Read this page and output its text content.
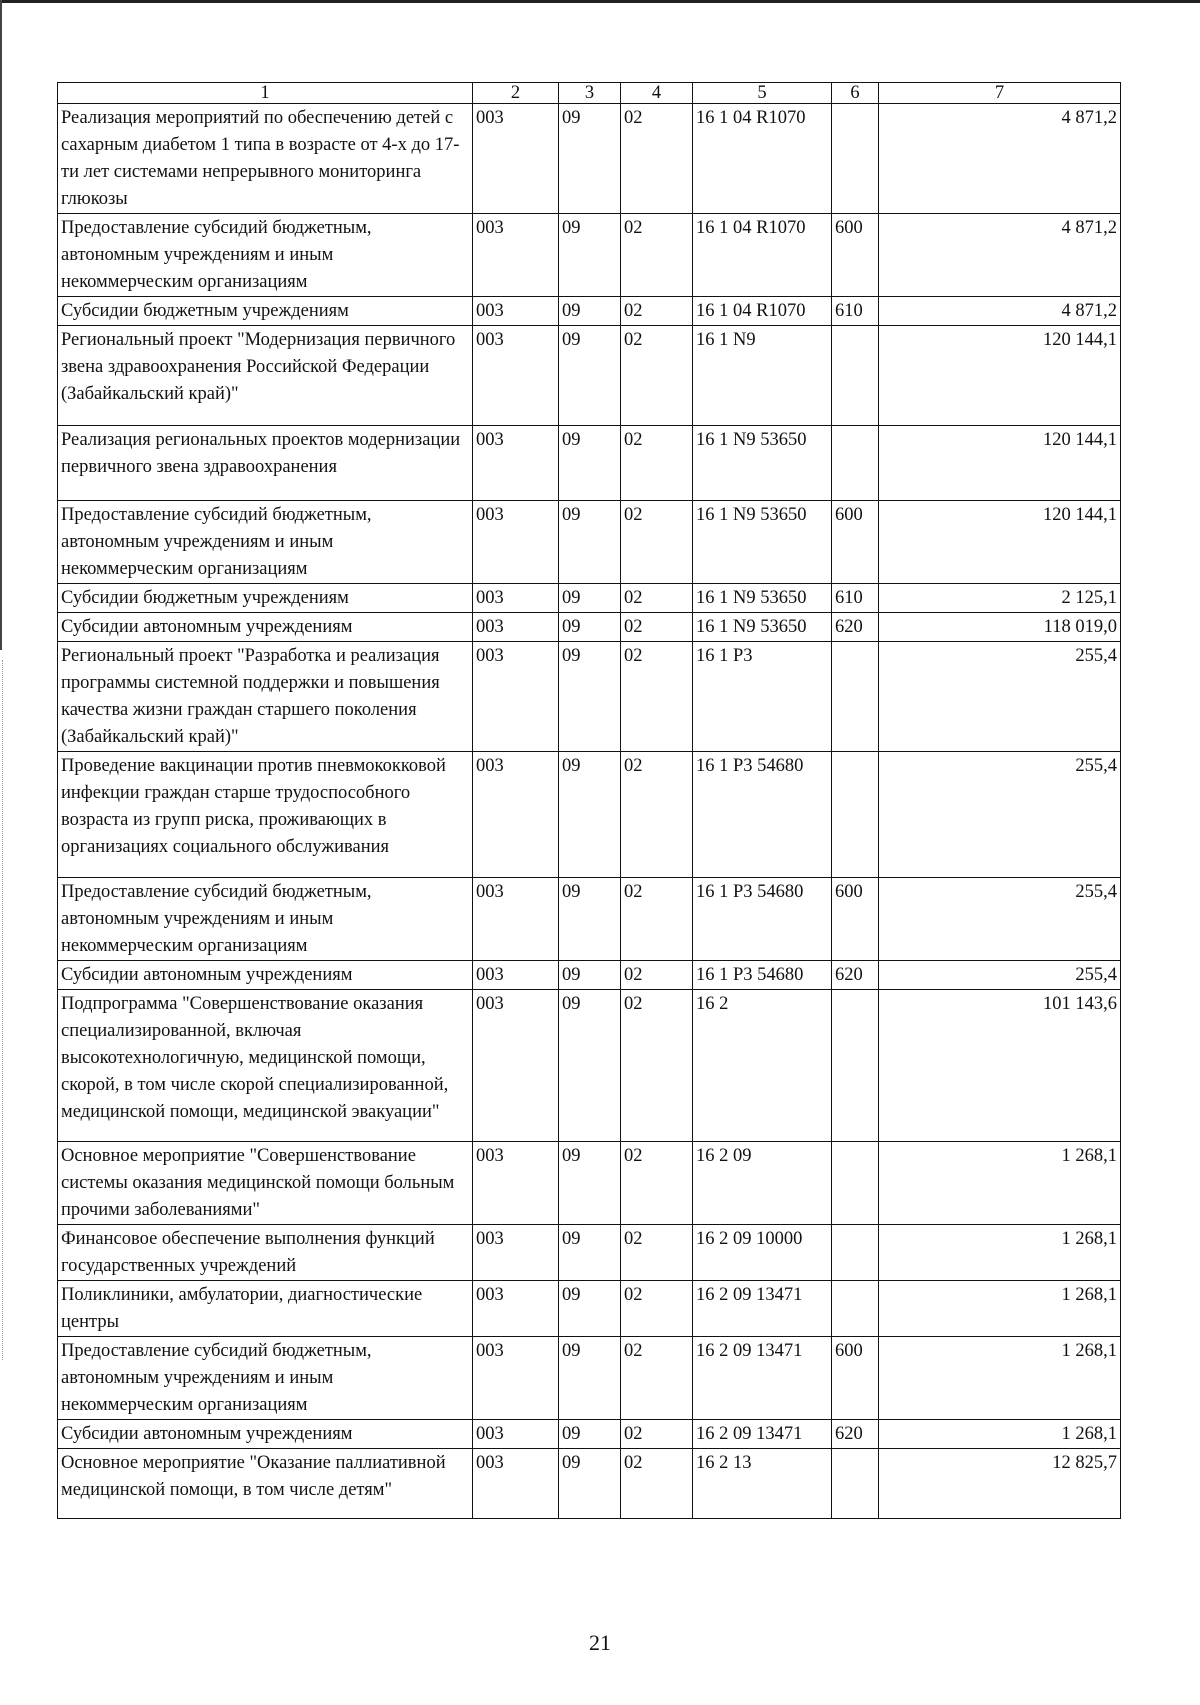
1	2	3	4	5	6	7
Реализация мероприятий по обеспечению детей с сахарным диабетом 1 типа в возрасте от 4-х до 17-ти лет системами непрерывного мониторинга глюкозы	003	09	02	16 1 04 R1070		4 871,2
Предоставление субсидий бюджетным, автономным учреждениям и иным некоммерческим организациям	003	09	02	16 1 04 R1070	600	4 871,2
Субсидии бюджетным учреждениям	003	09	02	16 1 04 R1070	610	4 871,2
Региональный проект "Модернизация первичного звена здравоохранения Российской Федерации (Забайкальский край)"	003	09	02	16 1 N9		120 144,1
Реализация региональных проектов модернизации первичного звена здравоохранения	003	09	02	16 1 N9 53650		120 144,1
Предоставление субсидий бюджетным, автономным учреждениям и иным некоммерческим организациям	003	09	02	16 1 N9 53650	600	120 144,1
Субсидии бюджетным учреждениям	003	09	02	16 1 N9 53650	610	2 125,1
Субсидии автономным учреждениям	003	09	02	16 1 N9 53650	620	118 019,0
Региональный проект "Разработка и реализация программы системной поддержки и повышения качества жизни граждан старшего поколения (Забайкальский край)"	003	09	02	16 1 P3		255,4
Проведение вакцинации против пневмококковой инфекции граждан старше трудоспособного возраста из групп риска, проживающих в организациях социального обслуживания	003	09	02	16 1 P3 54680		255,4
Предоставление субсидий бюджетным, автономным учреждениям и иным некоммерческим организациям	003	09	02	16 1 P3 54680	600	255,4
Субсидии автономным учреждениям	003	09	02	16 1 P3 54680	620	255,4
Подпрограмма "Совершенствование оказания специализированной, включая высокотехнологичную, медицинской помощи, скорой, в том числе скорой специализированной, медицинской помощи, медицинской эвакуации"	003	09	02	16 2		101 143,6
Основное мероприятие "Совершенствование системы оказания медицинской помощи больным прочими заболеваниями"	003	09	02	16 2 09		1 268,1
Финансовое обеспечение выполнения функций государственных учреждений	003	09	02	16 2 09 10000		1 268,1
Поликлиники, амбулатории, диагностические центры	003	09	02	16 2 09 13471		1 268,1
Предоставление субсидий бюджетным, автономным учреждениям и иным некоммерческим организациям	003	09	02	16 2 09 13471	600	1 268,1
Субсидии автономным учреждениям	003	09	02	16 2 09 13471	620	1 268,1
Основное мероприятие "Оказание паллиативной медицинской помощи, в том числе детям"	003	09	02	16 2 13		12 825,7
21
